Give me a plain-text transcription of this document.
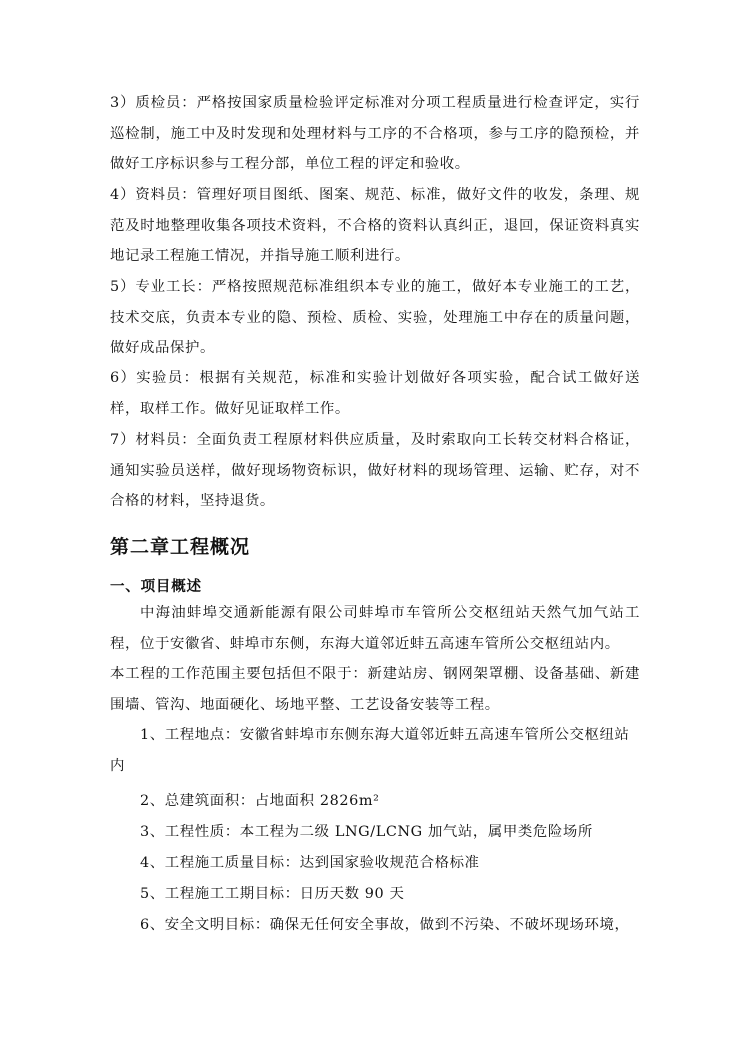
3）质检员：严格按国家质量检验评定标准对分项工程质量进行检查评定，实行巡检制，施工中及时发现和处理材料与工序的不合格项，参与工序的隐预检，并做好工序标识参与工程分部，单位工程的评定和验收。

4）资料员：管理好项目图纸、图案、规范、标准，做好文件的收发，条理、规范及时地整理收集各项技术资料，不合格的资料认真纠正，退回，保证资料真实地记录工程施工情况，并指导施工顺利进行。

5）专业工长：严格按照规范标准组织本专业的施工，做好本专业施工的工艺，技术交底，负责本专业的隐、预检、质检、实验，处理施工中存在的质量问题，做好成品保护。

6）实验员：根据有关规范，标准和实验计划做好各项实验，配合试工做好送样，取样工作。做好见证取样工作。

7）材料员：全面负责工程原材料供应质量，及时索取向工长转交材料合格证，通知实验员送样，做好现场物资标识，做好材料的现场管理、运输、贮存，对不合格的材料，坚持退货。

第二章工程概况
一、项目概述

中海油蚌埠交通新能源有限公司蚌埠市车管所公交枢纽站天然气加气站工程，位于安徽省、蚌埠市东侧，东海大道邻近蚌五高速车管所公交枢纽站内。

本工程的工作范围主要包括但不限于：新建站房、钢网架罩棚、设备基础、新建围墙、管沟、地面硬化、场地平整、工艺设备安装等工程。

1、工程地点：安徽省蚌埠市东侧东海大道邻近蚌五高速车管所公交枢纽站内

2、总建筑面积：占地面积 2826m²

3、工程性质：本工程为二级 LNG/LCNG 加气站，属甲类危险场所

4、工程施工质量目标：达到国家验收规范合格标准

5、工程施工工期目标：日历天数 90 天

6、安全文明目标：确保无任何安全事故，做到不污染、不破坏现场环境，
